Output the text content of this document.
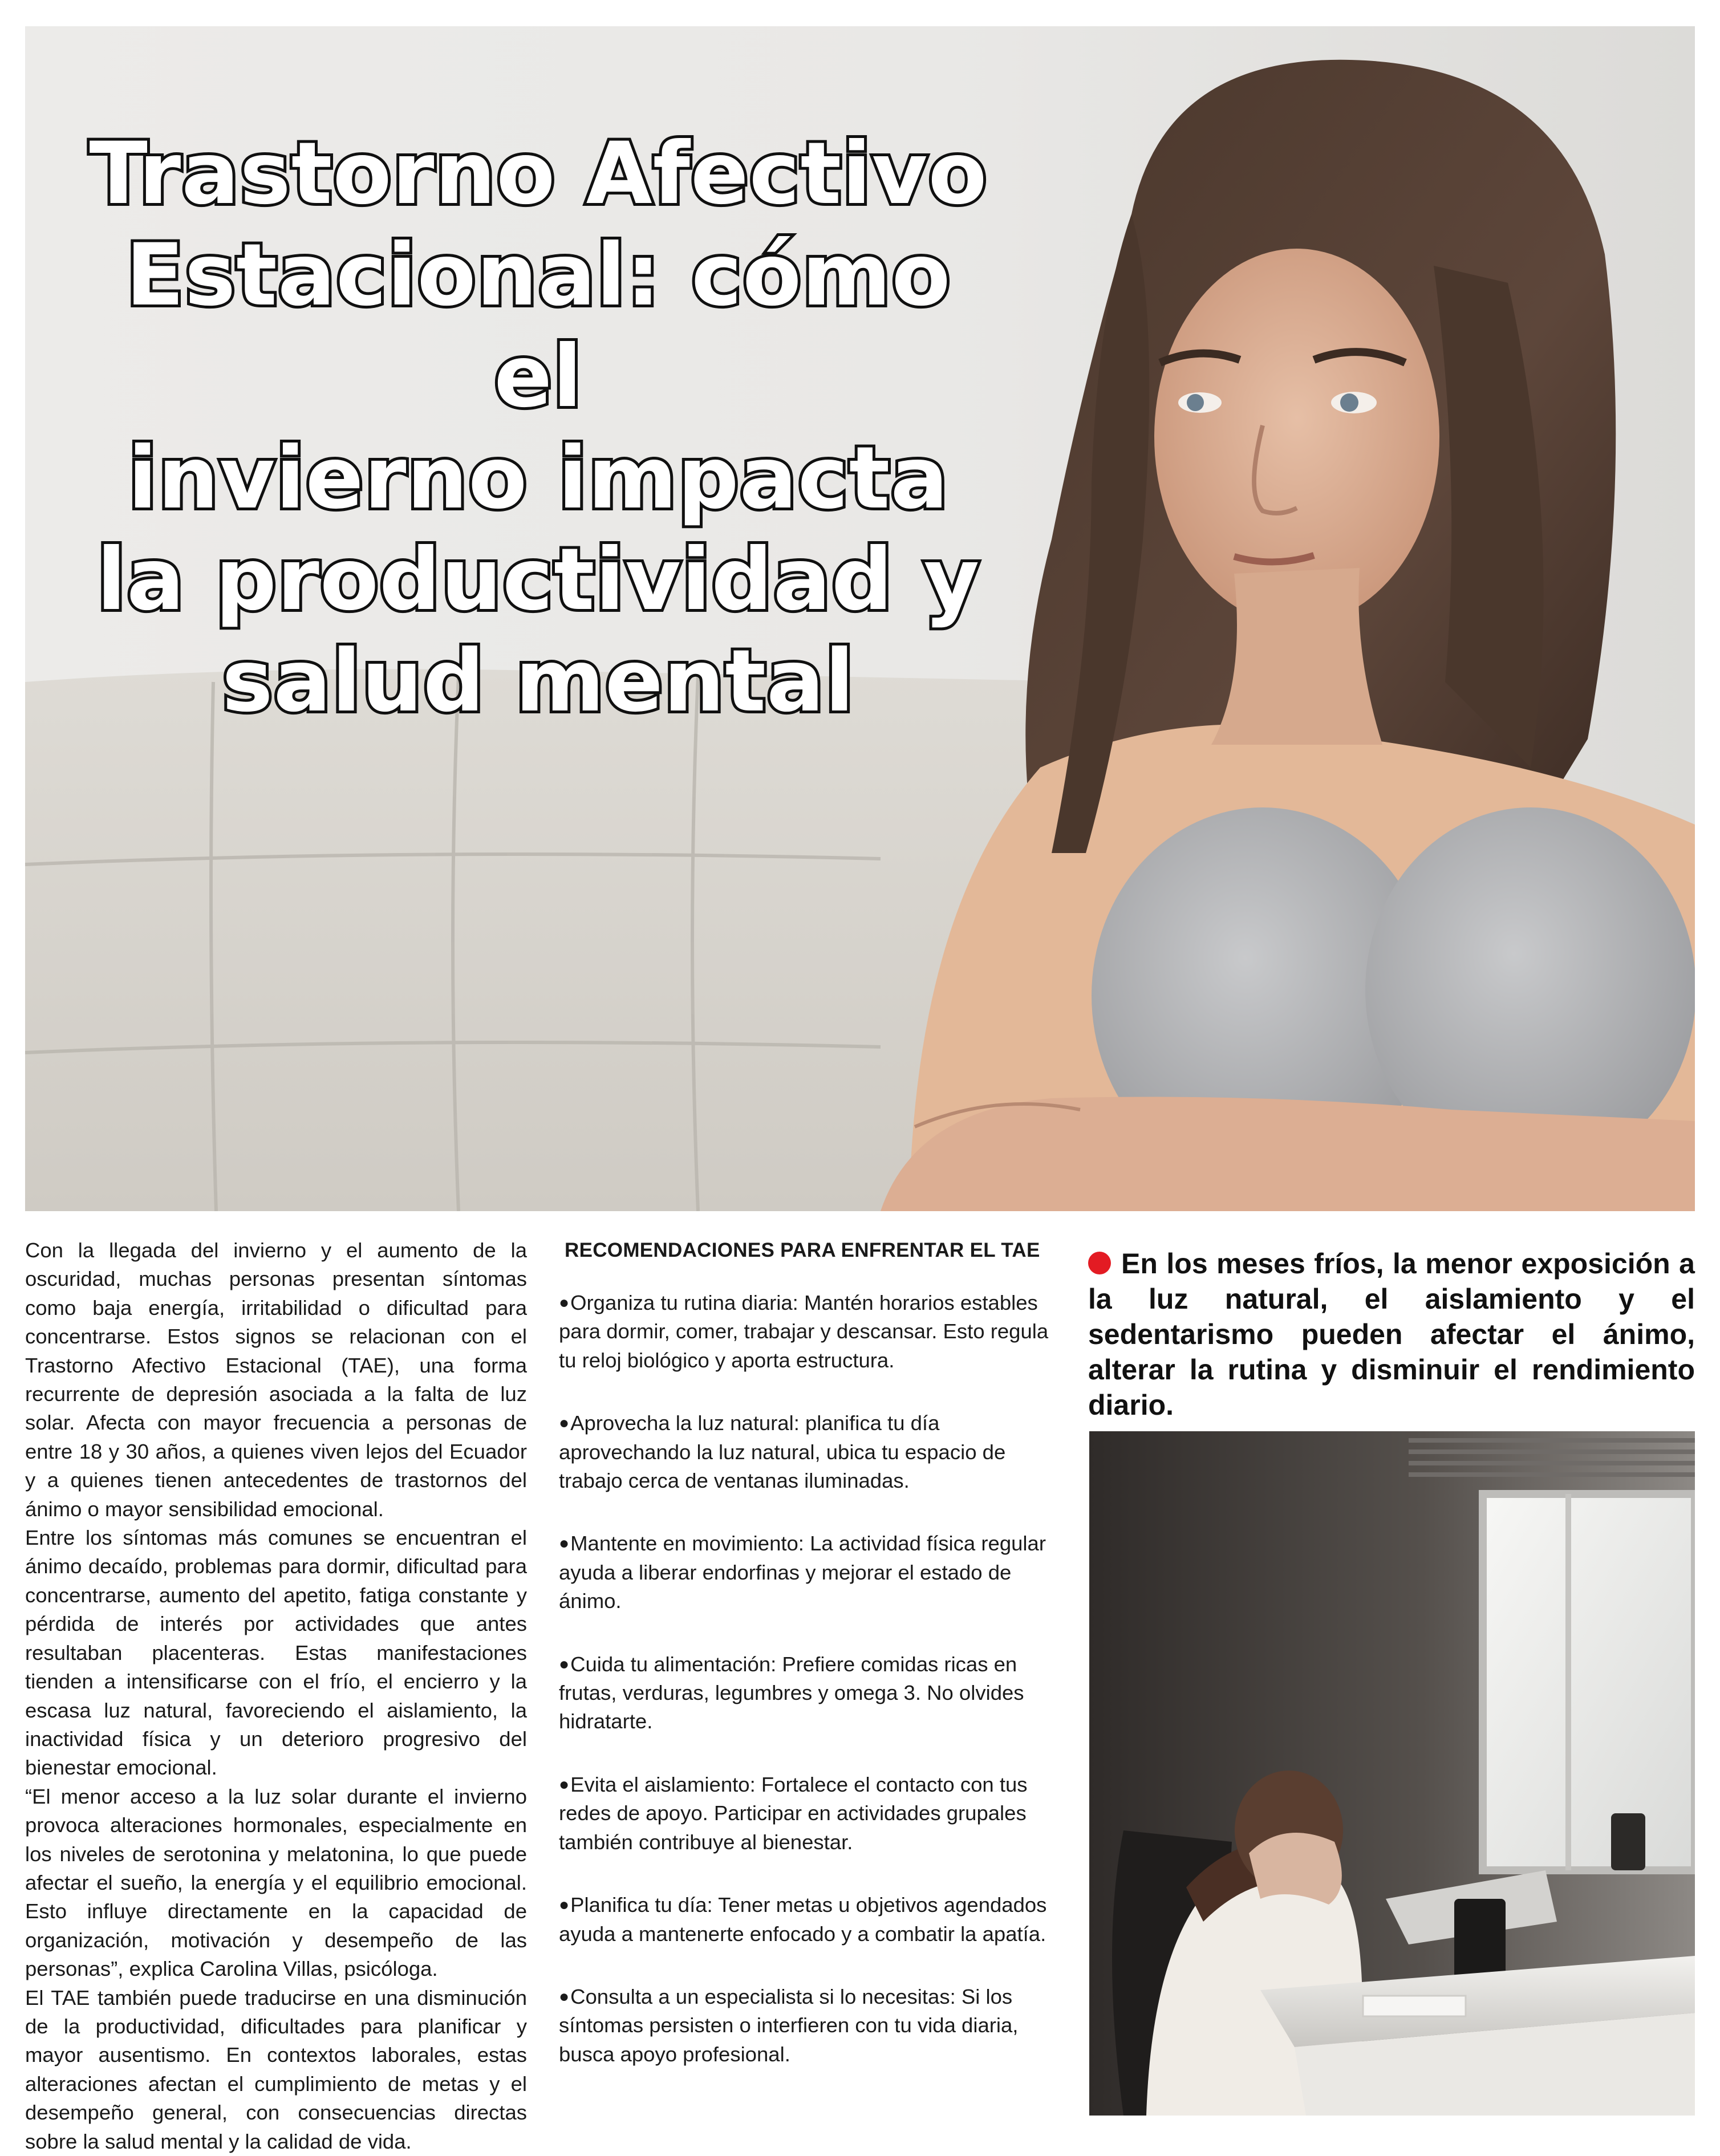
Trastorno Afectivo
Estacional: cómo el
invierno impacta
la productividad y
salud mental

Con la llegada del invierno y el aumento de la oscuridad, muchas personas presentan síntomas como baja energía, irritabilidad o dificultad para concentrarse. Estos signos se relacionan con el Trastorno Afectivo Estacional (TAE), una forma recurrente de depresión asociada a la falta de luz solar. Afecta con mayor frecuencia a personas de entre 18 y 30 años, a quienes viven lejos del Ecuador y a quienes tienen antecedentes de trastornos del ánimo o mayor sensibilidad emocional.

Entre los síntomas más comunes se encuentran el ánimo decaído, problemas para dormir, dificultad para concentrarse, aumento del apetito, fatiga constante y pérdida de interés por actividades que antes resultaban placenteras. Estas manifestaciones tienden a intensificarse con el frío, el encierro y la escasa luz natural, favoreciendo el aislamiento, la inactividad física y un deterioro progresivo del bienestar emocional.

“El menor acceso a la luz solar durante el invierno provoca alteraciones hormonales, especialmente en los niveles de serotonina y melatonina, lo que puede afectar el sueño, la energía y el equilibrio emocional. Esto influye directamente en la capacidad de organización, motivación y desempeño de las personas”, explica Carolina Villas, psicóloga.

El TAE también puede traducirse en una disminución de la productividad, dificultades para planificar y mayor ausentismo. En contextos laborales, estas alteraciones afectan el cumplimiento de metas y el desempeño general, con consecuencias directas sobre la salud mental y la calidad de vida.

RECOMENDACIONES PARA ENFRENTAR EL TAE

●Organiza tu rutina diaria: Mantén horarios estables para dormir, comer, trabajar y descansar. Esto regula tu reloj biológico y aporta estructura.

●Aprovecha la luz natural: planifica tu día aprovechando la luz natural, ubica tu espacio de trabajo cerca de ventanas iluminadas.

●Mantente en movimiento: La actividad física regular ayuda a liberar endorfinas y mejorar el estado de ánimo.

●Cuida tu alimentación: Prefiere comidas ricas en frutas, verduras, legumbres y omega 3. No olvides hidratarte.

●Evita el aislamiento: Fortalece el contacto con tus redes de apoyo. Participar en actividades grupales también contribuye al bienestar.

●Planifica tu día: Tener metas u objetivos agendados ayuda a mantenerte enfocado y a combatir la apatía.

●Consulta a un especialista si lo necesitas: Si los síntomas persisten o interfieren con tu vida diaria, busca apoyo profesional.

En los meses fríos, la menor exposición a la luz natural, el aislamiento y el sedentarismo pueden afectar el ánimo, alterar la rutina y disminuir el rendimiento diario.
